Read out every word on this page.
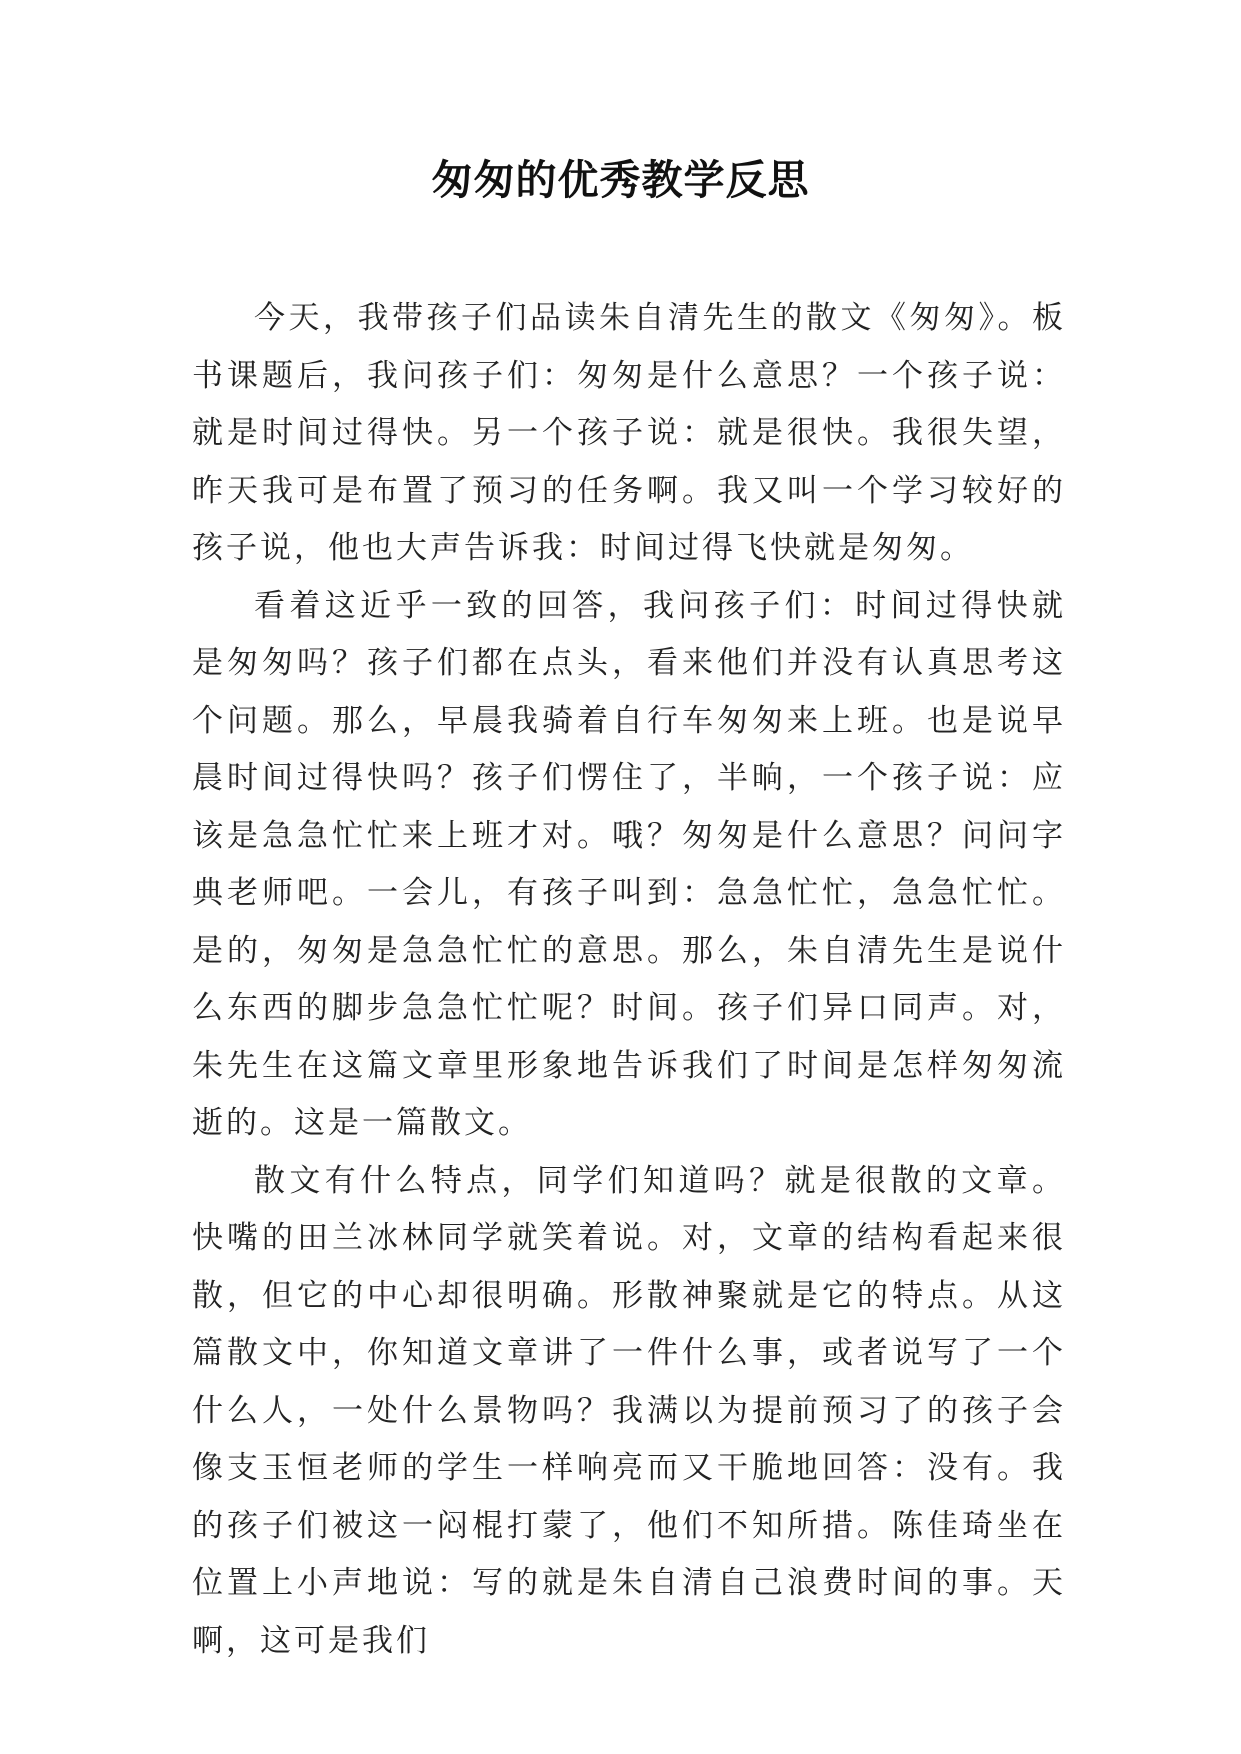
匆匆的优秀教学反思

今天，我带孩子们品读朱自清先生的散文《匆匆》。板书课题后，我问孩子们：匆匆是什么意思？一个孩子说：就是时间过得快。另一个孩子说：就是很快。我很失望，昨天我可是布置了预习的任务啊。我又叫一个学习较好的孩子说，他也大声告诉我：时间过得飞快就是匆匆。

看着这近乎一致的回答，我问孩子们：时间过得快就是匆匆吗？孩子们都在点头，看来他们并没有认真思考这个问题。那么，早晨我骑着自行车匆匆来上班。也是说早晨时间过得快吗？孩子们愣住了，半晌，一个孩子说：应该是急急忙忙来上班才对。哦？匆匆是什么意思？问问字典老师吧。一会儿，有孩子叫到：急急忙忙，急急忙忙。是的，匆匆是急急忙忙的意思。那么，朱自清先生是说什么东西的脚步急急忙忙呢？时间。孩子们异口同声。对，朱先生在这篇文章里形象地告诉我们了时间是怎样匆匆流逝的。这是一篇散文。

散文有什么特点，同学们知道吗？就是很散的文章。快嘴的田兰冰林同学就笑着说。对，文章的结构看起来很散，但它的中心却很明确。形散神聚就是它的特点。从这篇散文中，你知道文章讲了一件什么事，或者说写了一个什么人，一处什么景物吗？我满以为提前预习了的孩子会像支玉恒老师的学生一样响亮而又干脆地回答：没有。我的孩子们被这一闷棍打蒙了，他们不知所措。陈佳琦坐在位置上小声地说：写的就是朱自清自己浪费时间的事。天啊，这可是我们
